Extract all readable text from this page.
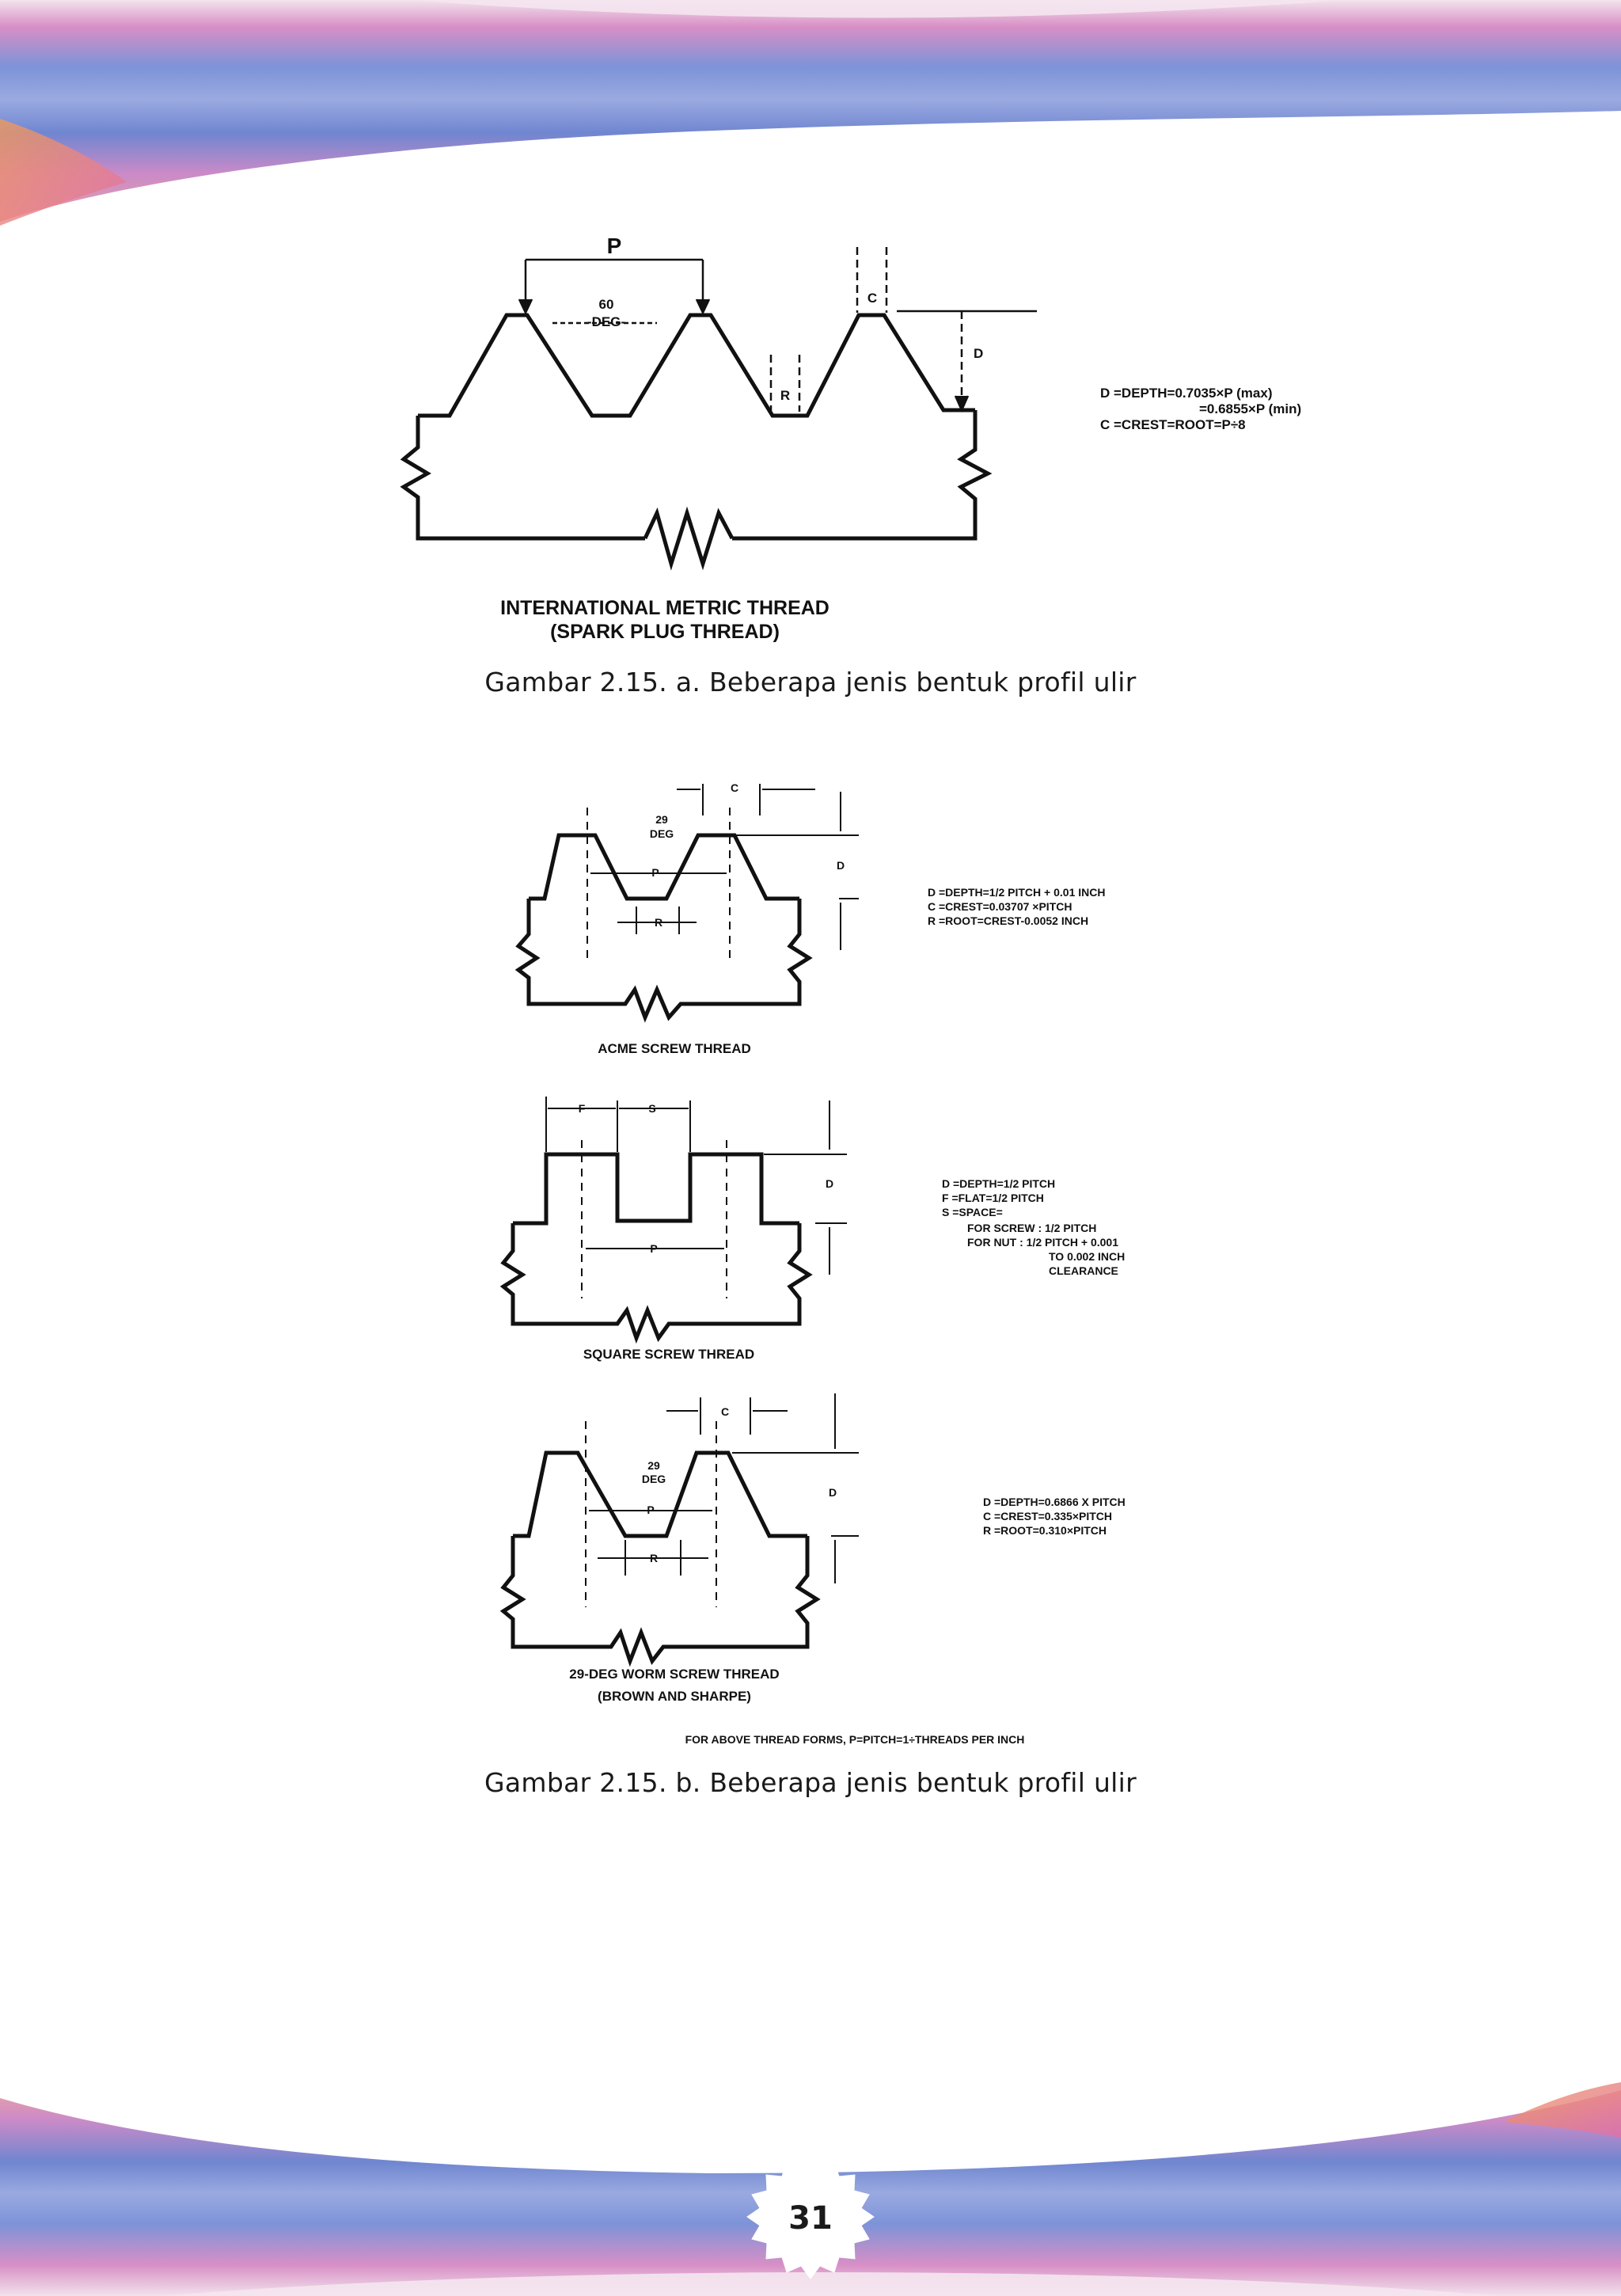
31
P
60
-DEG-
C
D
R	D =DEPTH=0.7035×P (max)
=0.6855×P (min)
C =CREST=ROOT=P÷8
INTERNATIONAL METRIC THREAD
(SPARK PLUG THREAD)
Gambar 2.15. a. Beberapa jenis bentuk profil ulir
29
DEG
C
D
P
R
D =DEPTH=1/2 PITCH + 0.01 INCH
C =CREST=0.03707 ×PITCH
R =ROOT=CREST-0.0052 INCH
ACME SCREW THREAD
F	S
P
D	D =DEPTH=1/2 PITCH
F =FLAT=1/2 PITCH
S =SPACE=
FOR SCREW : 1/2 PITCH
FOR NUT : 1/2 PITCH + 0.001
TO 0.002 INCH
CLEARANCE
SQUARE SCREW THREAD
29
DEG
C
D
P
R
D =DEPTH=0.6866 X PITCH
C =CREST=0.335×PITCH
R =ROOT=0.310×PITCH
29-DEG WORM SCREW THREAD
(BROWN AND SHARPE)
FOR ABOVE THREAD FORMS, P=PITCH=1÷THREADS PER INCH
Gambar 2.15. b. Beberapa jenis bentuk profil ulir
